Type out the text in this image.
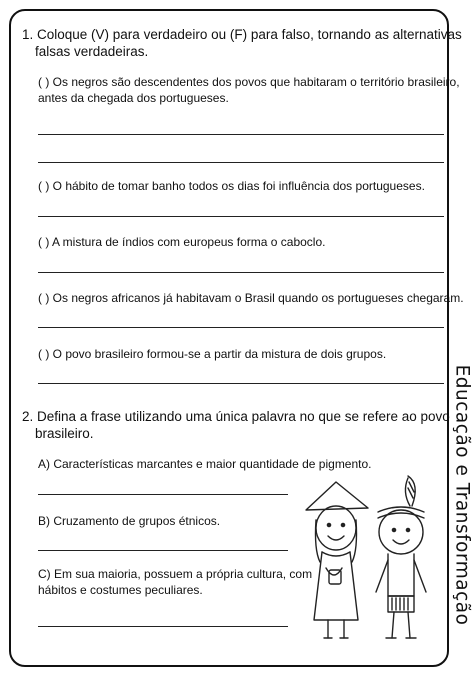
1. Coloque (V) para verdadeiro ou (F) para falso, tornando as alternativas
falsas verdadeiras.
( ) Os negros são descendentes dos povos que habitaram o território brasileiro,
antes da chegada dos portugueses.
( ) O hábito de tomar banho todos os dias foi influência dos portugueses.
( ) A mistura de índios com europeus forma o caboclo.
( ) Os negros africanos já habitavam o Brasil quando os portugueses chegaram.
( ) O povo brasileiro formou-se a partir da mistura de dois grupos.
2. Defina a frase utilizando uma única palavra no que se refere ao povo
brasileiro.
A) Características marcantes e maior quantidade de pigmento.
B) Cruzamento de grupos étnicos.
C) Em sua maioria, possuem a própria cultura, com
hábitos e costumes peculiares.	Educação e Transformação
